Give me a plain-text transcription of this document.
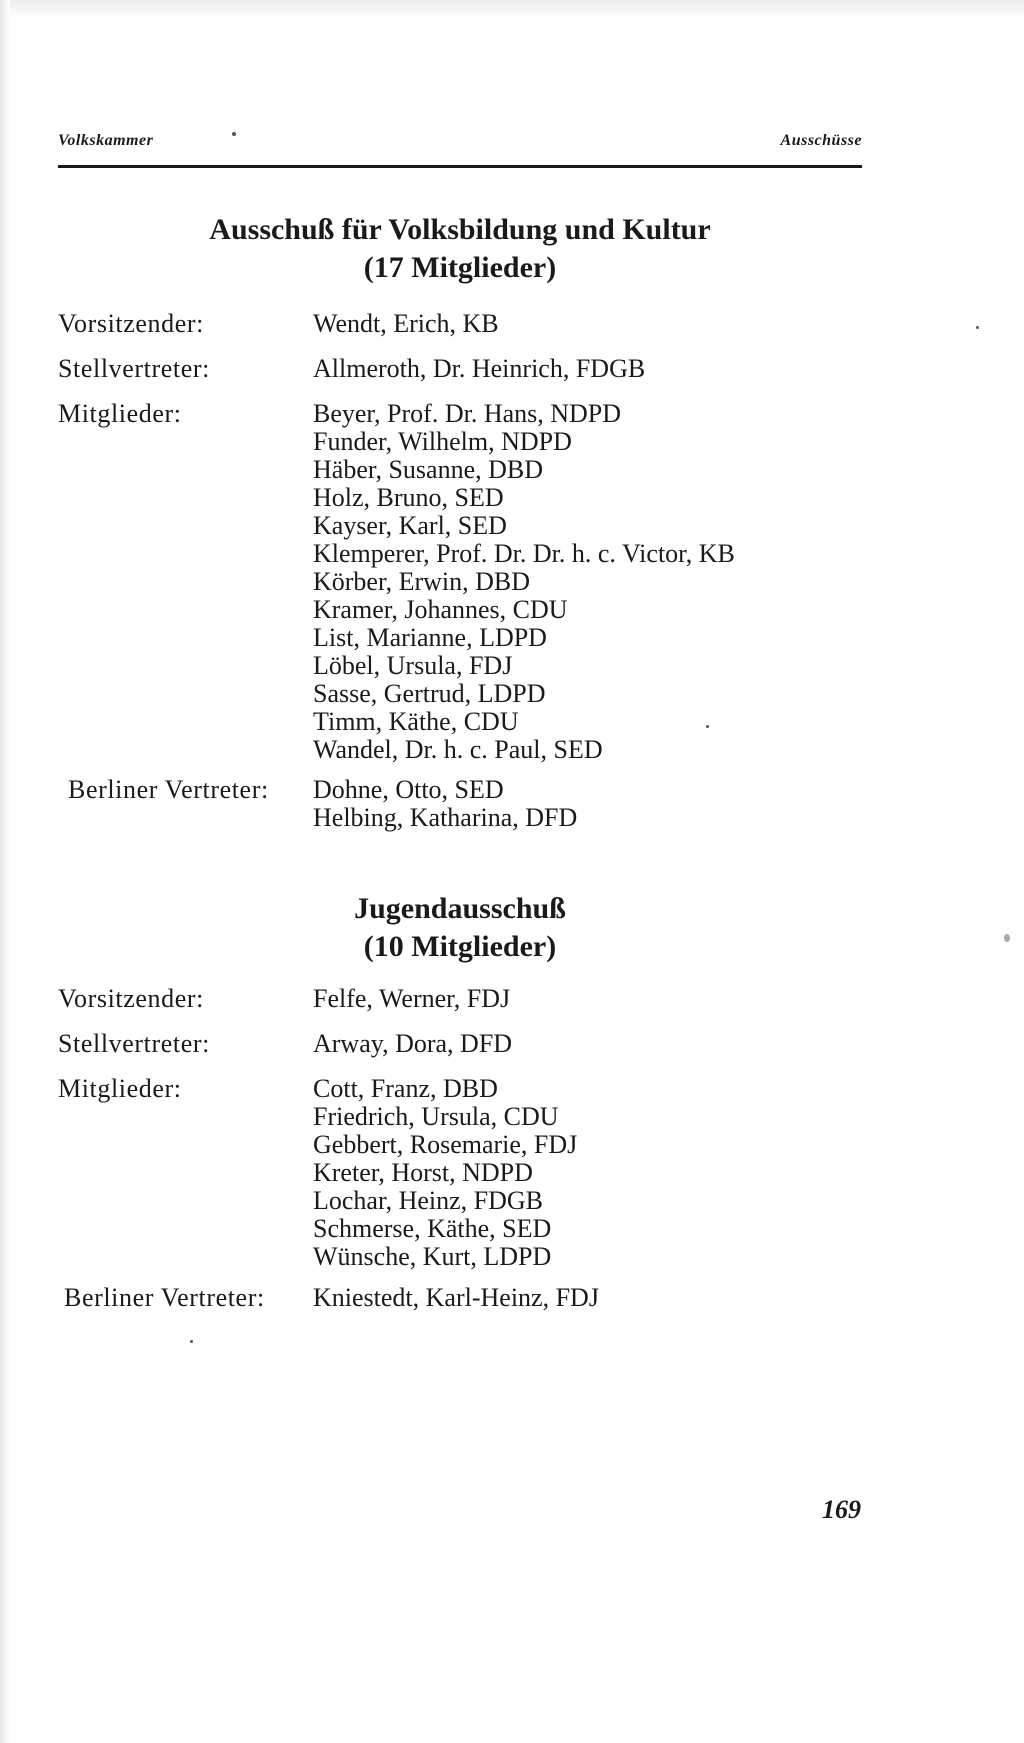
Volkskammer	Ausschüsse
Ausschuß für Volksbildung und Kultur
(17 Mitglieder)
Vorsitzender:	Wendt, Erich, KB
Stellvertreter:	Allmeroth, Dr. Heinrich, FDGB
Mitglieder:	Beyer, Prof. Dr. Hans, NDPD
Funder, Wilhelm, NDPD
Häber, Susanne, DBD
Holz, Bruno, SED
Kayser, Karl, SED
Klemperer, Prof. Dr. Dr. h. c. Victor, KB
Körber, Erwin, DBD
Kramer, Johannes, CDU
List, Marianne, LDPD
Löbel, Ursula, FDJ
Sasse, Gertrud, LDPD
Timm, Käthe, CDU
Wandel, Dr. h. c. Paul, SED
Berliner Vertreter: Dohne, Otto, SED
Helbing, Katharina, DFD
Jugendausschuß
(10 Mitglieder)
Vorsitzender:	Felfe, Werner, FDJ
Stellvertreter:	Arway, Dora, DFD
Mitglieder:	Cott, Franz, DBD
Friedrich, Ursula, CDU
Gebbert, Rosemarie, FDJ
Kreter, Horst, NDPD
Lochar, Heinz, FDGB
Schmerse, Käthe, SED
Wünsche, Kurt, LDPD
Berliner Vertreter: Kniestedt, Karl-Heinz, FDJ
169
